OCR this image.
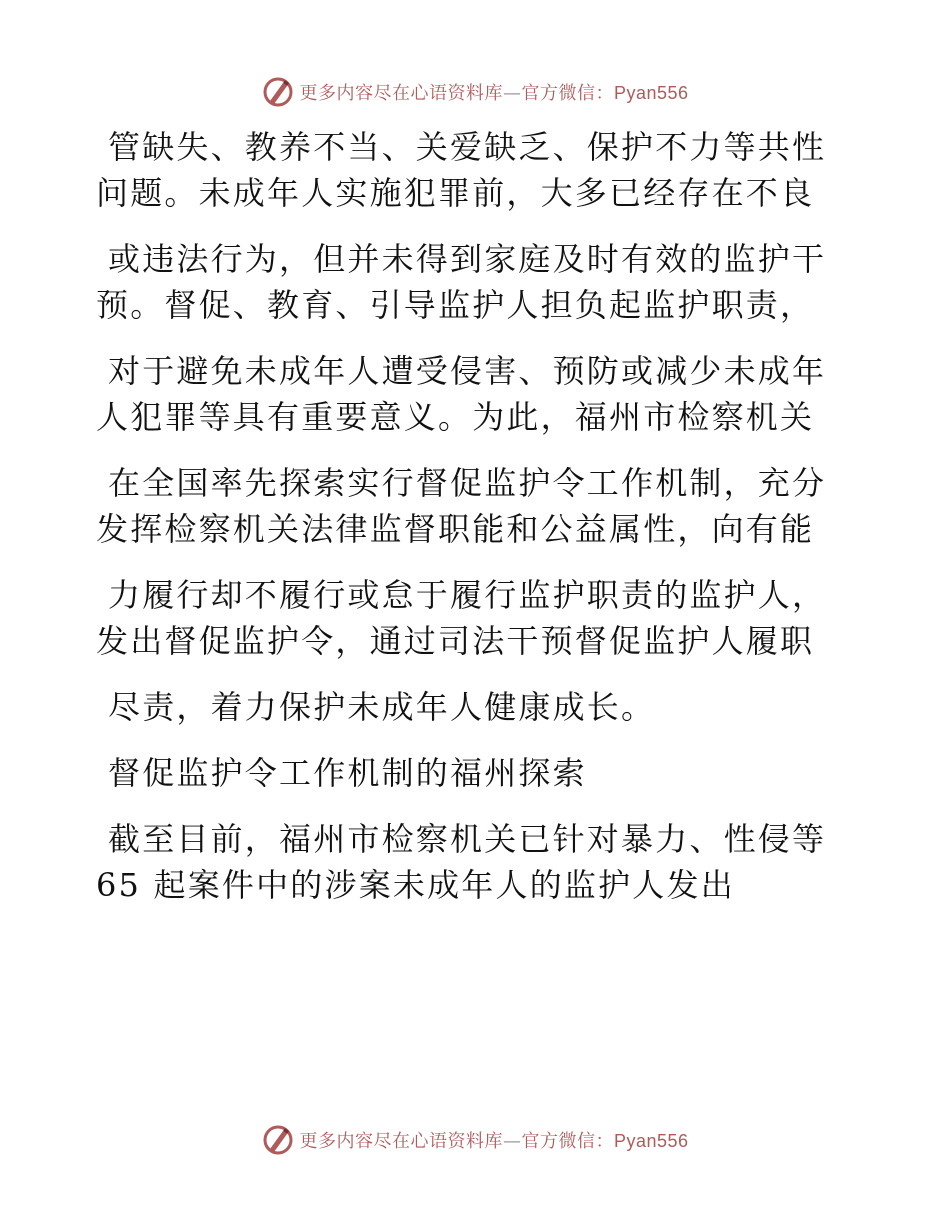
更多内容尽在心语资料库—官方微信：Pyan556
管缺失、教养不当、关爱缺乏、保护不力等共性
问题。未成年人实施犯罪前，大多已经存在不良
或违法行为，但并未得到家庭及时有效的监护干
预。督促、教育、引导监护人担负起监护职责，
对于避免未成年人遭受侵害、预防或减少未成年
人犯罪等具有重要意义。为此，福州市检察机关
在全国率先探索实行督促监护令工作机制，充分
发挥检察机关法律监督职能和公益属性，向有能
力履行却不履行或怠于履行监护职责的监护人，
发出督促监护令，通过司法干预督促监护人履职
尽责，着力保护未成年人健康成长。
督促监护令工作机制的福州探索
截至目前，福州市检察机关已针对暴力、性侵等
65 起案件中的涉案未成年人的监护人发出
更多内容尽在心语资料库—官方微信：Pyan556
